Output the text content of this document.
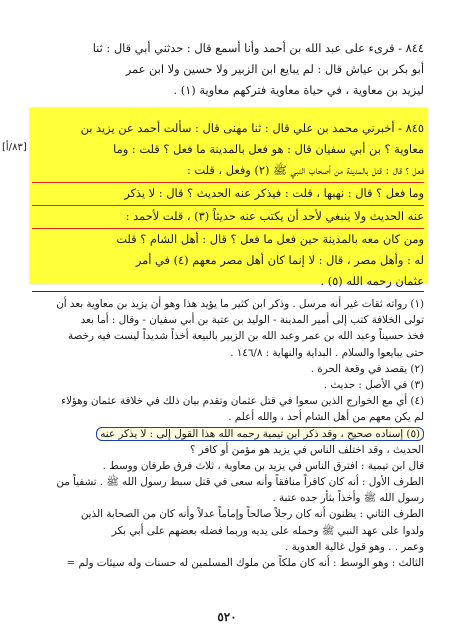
٨٤٤ - قرىء على عبد الله بن أحمد وأنا أسمع قال : حدثني أبي قال : ثنا
أبو بكر بن عياش قال : لم يبايع ابن الزبير ولا حسين ولا ابن عمر
ليزيد بن معاوية ، في حياة معاوية فتركهم معاوية (١) .
[٨٣/أ]
٨٤٥ - أخبرني محمد بن علي قال : ثنا مهنى قال : سألت أحمد عن يزيد بن
معاوية ؟ بن أبي سفيان قال : هو فعل بالمدينة ما فعل ؟ قلت : وما
فعل ؟ قال : قتل بالمدينة من أصحاب النبي ﷺ (٢) وفعل ، قلت :
وما فعل ؟ قال : نهبها ، قلت : فيذكر عنه الحديث ؟ قال : لا يذكر
عنه الحديث ولا ينبغي لأحد أن يكتب عنه حديثاً (٣) ، قلت لأحمد :
ومن كان معه بالمدينة حين فعل ما فعل ؟ قال : أهل الشام ؟ قلت
له : وأهل مصر ، قال : لا إنما كان أهل مصر معهم (٤) في أمر
عثمان رحمه الله (٥) .
(١) رواته ثقات غير أنه مرسل . وذكر ابن كثير ما يؤيد هذا وهو أن يزيد بن معاوية بعد أن
تولى الخلافة كتب إلى أمير المدينة - الوليد بن عتبة بن أبي سفيان - وقال : أما بعد
فخذ حسيناً وعبد الله بن عمر وعبد الله بن الزبير بالبيعة أخذاً شديداً ليست فيه رخصة
حتى يبايعوا والسلام . البداية والنهاية : ١٤٦/٨ .
(٢) يقصد في وقعة الحرة .
(٣) في الأصل : حديث .
(٤) أي مع الخوارج الذين سعوا في قتل عثمان وتقدم بيان ذلك في خلافة عثمان وهؤلاء
لم يكن معهم من أهل الشام أحد ، والله أعلم .
(٥) إسناده صحيح ، وقد ذكر ابن تيمية رحمه الله هذا القول إلى : لا يذكر عنه
الحديث ، وقد اختلف الناس في يزيد هو مؤمن أو كافر ؟
قال ابن تيمية : افترق الناس في يزيد بن معاوية ، ثلاث فرق طرفان ووسط .
الطرف الأول : أنه كان كافراً منافقاً وأنه سعى في قتل سبط رسول الله ﷺ . تشفياً من
رسول الله ﷺ وأخذاً بثأر جده عتبة .
الطرف الثاني : يظنون أنه كان رجلاً صالحاً وإماماً عدلاً وأنه كان من الصحابة الذين
ولدوا على عهد النبي ﷺ وحمله على يديه وربما فضله بعضهم على أبي بكر
وعمر . . وهو قول غالية العدوية .
الثالث : وهو الوسط : أنه كان ملكاً من ملوك المسلمين له حسنات وله سيئات ولم =
٥٢٠
